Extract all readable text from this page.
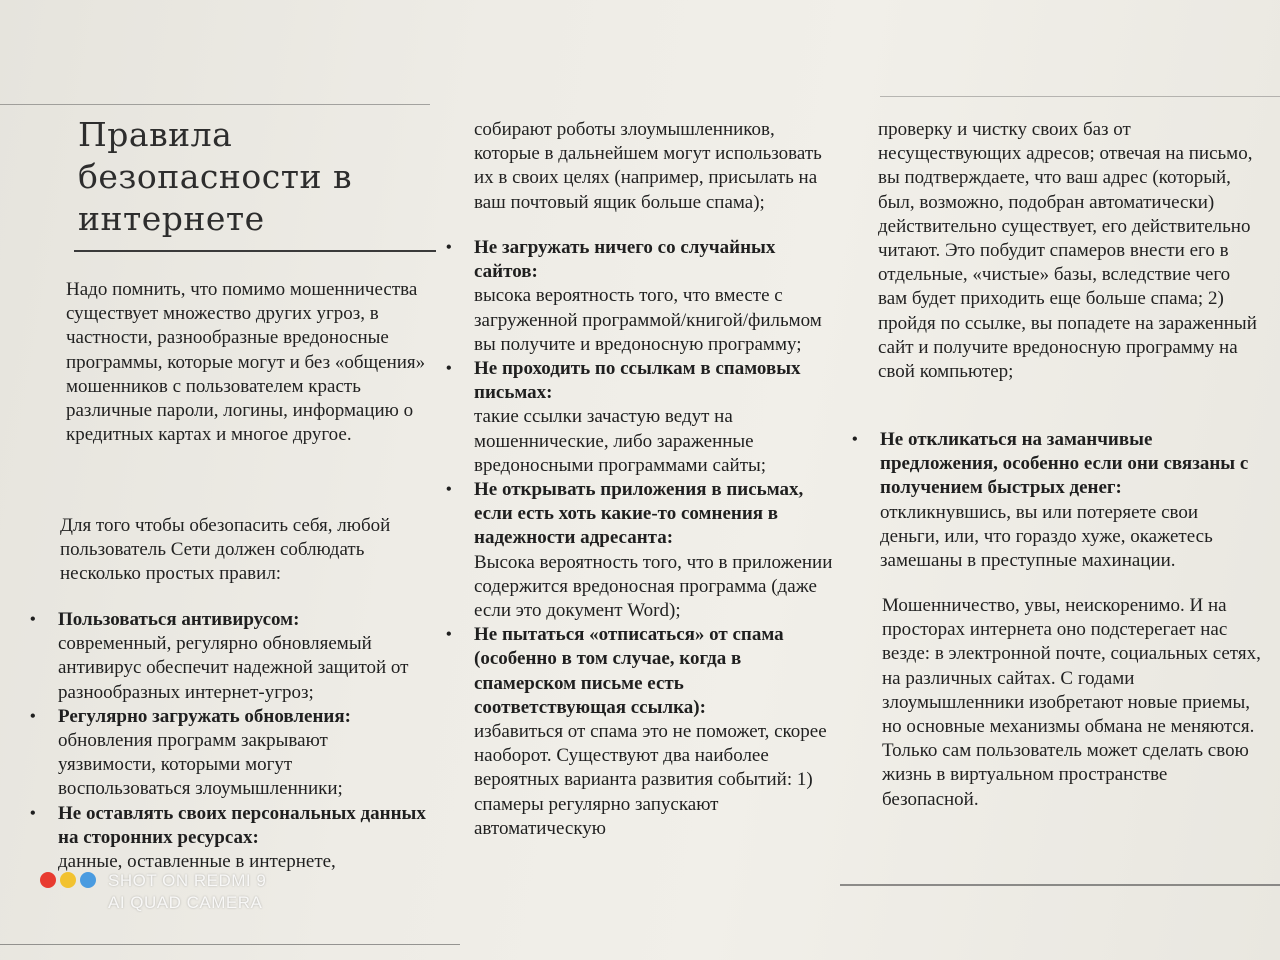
Правила безопасности в интернете
Надо помнить, что помимо мошенничества существует множество других угроз, в частности, разнообразные вредоносные программы, которые могут и без «общения» мошенников с пользователем красть различные пароли, логины, информацию о кредитных картах и многое другое.
Для того чтобы обезопасить себя, любой пользователь Сети должен соблюдать несколько простых правил:
• Пользоваться антивирусом:
современный, регулярно обновляемый антивирус обеспечит надежной защитой от разнообразных интернет-угроз;
• Регулярно загружать обновления:
обновления программ закрывают уязвимости, которыми могут воспользоваться злоумышленники;
• Не оставлять своих персональных данных на сторонних ресурсах:
данные, оставленные в интернете,
собирают роботы злоумышленников, которые в дальнейшем могут использовать их в своих целях (например, присылать на ваш почтовый ящик больше спама);
• Не загружать ничего со случайных сайтов:
высока вероятность того, что вместе с загруженной программой/книгой/фильмом вы получите и вредоносную программу;
• Не проходить по ссылкам в спамовых письмах:
такие ссылки зачастую ведут на мошеннические, либо зараженные вредоносными программами сайты;
• Не открывать приложения в письмах, если есть хоть какие-то сомнения в надежности адресанта:
Высока вероятность того, что в приложении содержится вредоносная программа (даже если это документ Word);
• Не пытаться «отписаться» от спама (особенно в том случае, когда в спамерском письме есть соответствующая ссылка):
избавиться от спама это не поможет, скорее наоборот. Существуют два наиболее вероятных варианта развития событий: 1) спамеры регулярно запускают автоматическую
проверку и чистку своих баз от несуществующих адресов; отвечая на письмо, вы подтверждаете, что ваш адрес (который, был, возможно, подобран автоматически) действительно существует, его действительно читают. Это побудит спамеров внести его в отдельные, «чистые» базы, вследствие чего вам будет приходить еще больше спама; 2) пройдя по ссылке, вы попадете на зараженный сайт и получите вредоносную программу на свой компьютер;
• Не откликаться на заманчивые предложения, особенно если они связаны с получением быстрых денег:
откликнувшись, вы или потеряете свои деньги, или, что гораздо хуже, окажетесь замешаны в преступные махинации.
Мошенничество, увы, неискоренимо. И на просторах интернета оно подстерегает нас везде: в электронной почте, социальных сетях, на различных сайтах. С годами злоумышленники изобретают новые приемы, но основные механизмы обмана не меняются. Только сам пользователь может сделать свою жизнь в виртуальном пространстве безопасной.
SHOT ON REDMI 9
AI QUAD CAMERA
